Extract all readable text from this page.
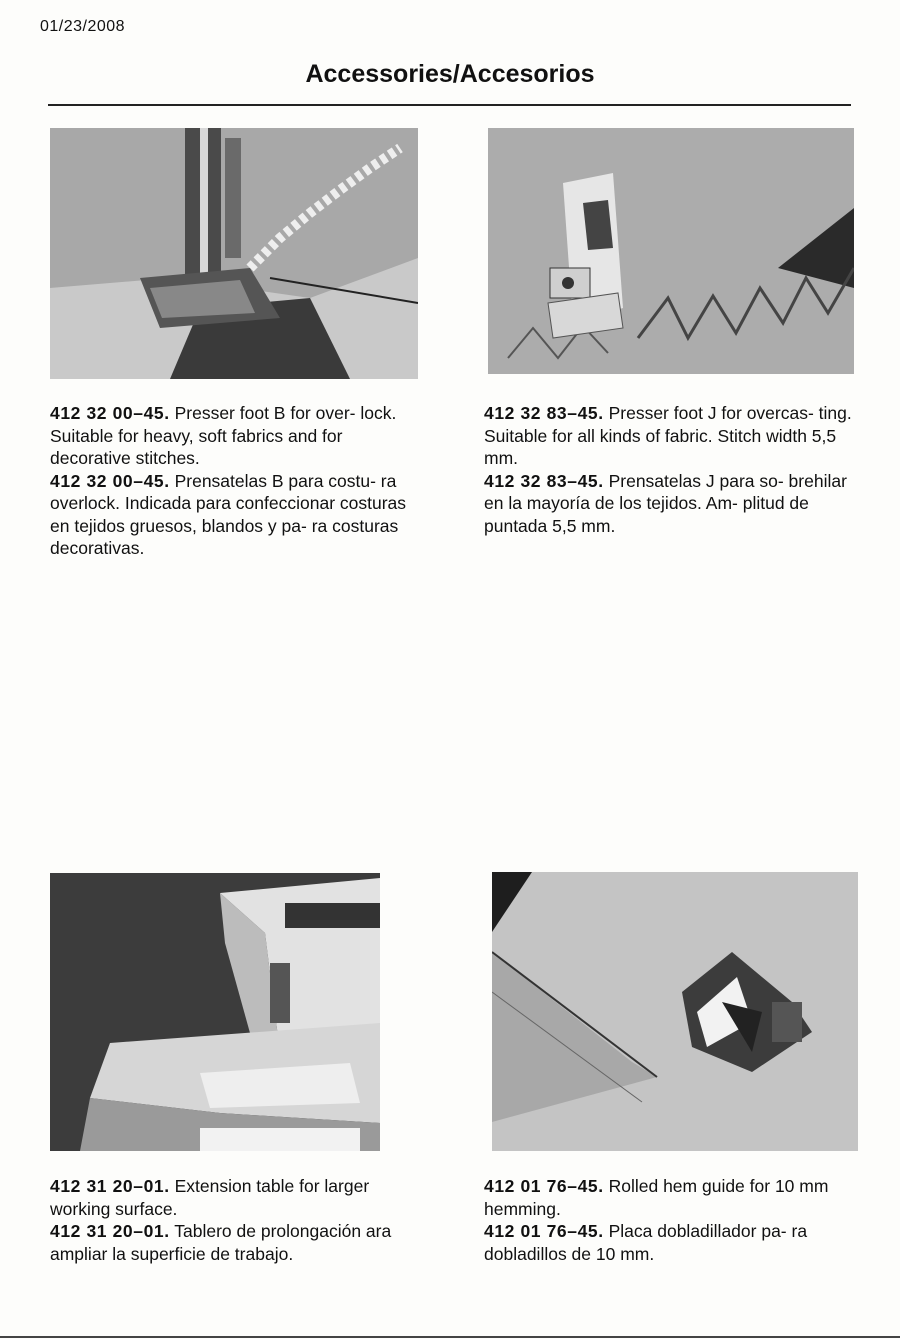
01/23/2008
Accessories/Accesorios

412 32 00–45. Presser foot B for over- lock. Suitable for heavy, soft fabrics and for decorative stitches.

412 32 00–45. Prensatelas B para costu- ra overlock. Indicada para confeccionar costuras en tejidos gruesos, blandos y pa- ra costuras decorativas.

412 32 83–45. Presser foot J for overcas- ting. Suitable for all kinds of fabric. Stitch width 5,5 mm.

412 32 83–45. Prensatelas J para so- brehilar en la mayoría de los tejidos. Am- plitud de puntada 5,5 mm.

412 31 20–01. Extension table for larger working surface.

412 31 20–01. Tablero de prolongación ara ampliar la superficie de trabajo.

412 01 76–45. Rolled hem guide for 10 mm hemming.

412 01 76–45. Placa dobladillador pa- ra dobladillos de 10 mm.
